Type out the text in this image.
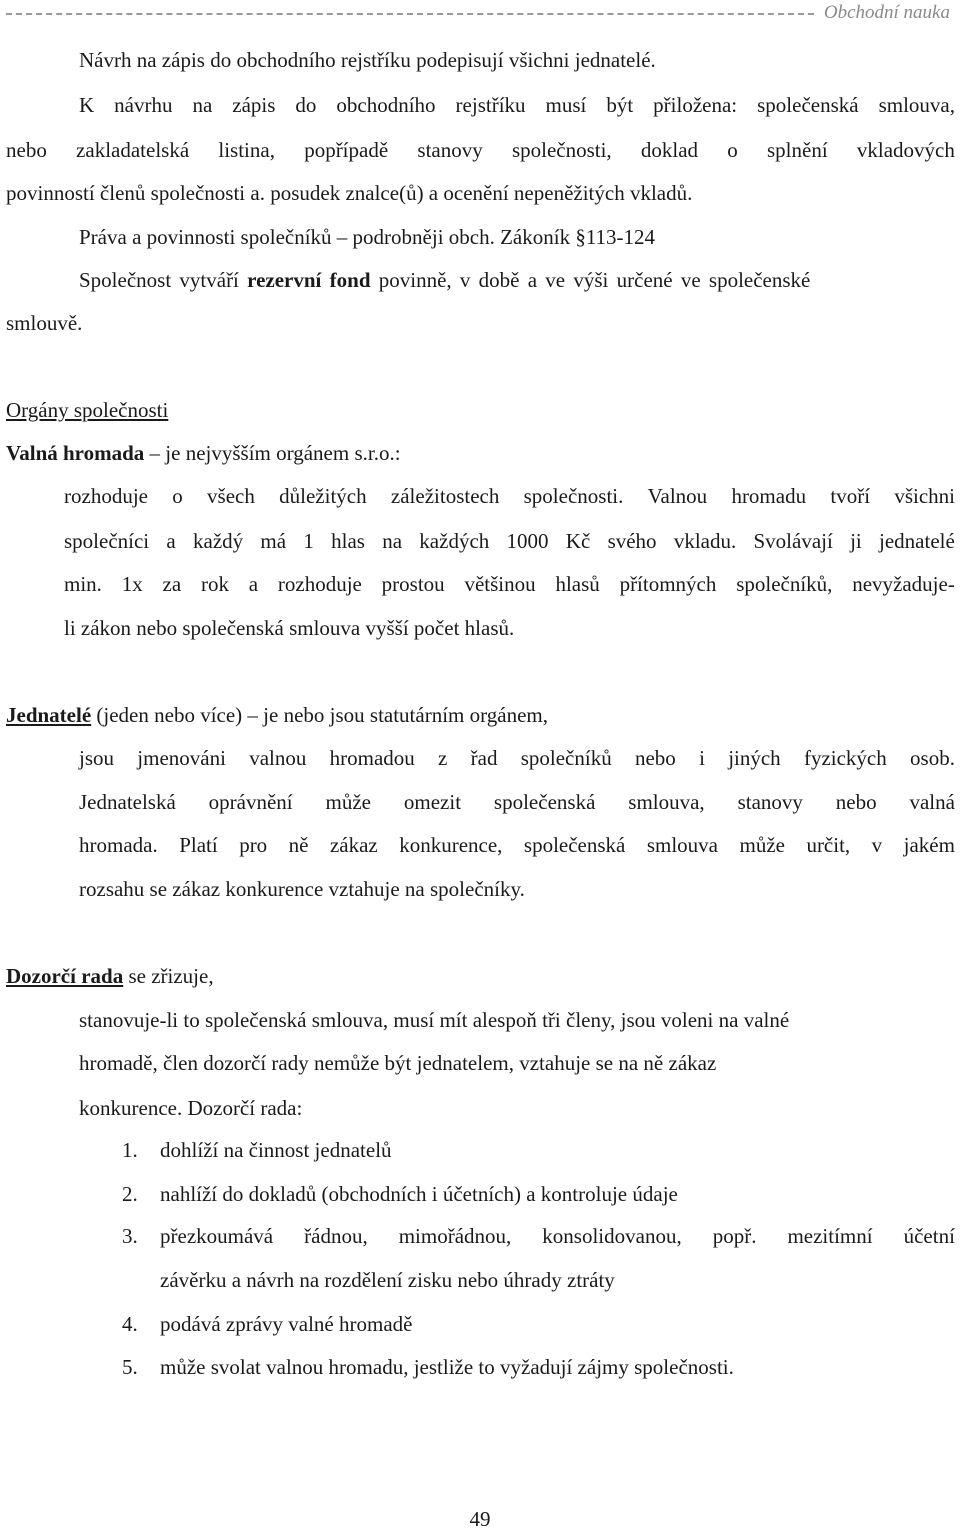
Obchodní nauka
Návrh na zápis do obchodního rejstříku podepisují všichni jednatelé.
K návrhu na zápis do obchodního rejstříku musí být přiložena: společenská smlouva,
nebo zakladatelská listina, popřípadě stanovy společnosti, doklad o splnění vkladových
povinností členů společnosti a. posudek znalce(ů) a ocenění nepeněžitých vkladů.
Práva a povinnosti společníků – podrobněji obch. Zákoník §113-124
Společnost vytváří rezervní fond povinně, v době a ve výši určené ve společenské
smlouvě.
Orgány společnosti
Valná hromada – je nejvyšším orgánem s.r.o.:
rozhoduje o všech důležitých záležitostech společnosti. Valnou hromadu tvoří všichni
společníci a každý má 1 hlas na každých 1000 Kč svého vkladu. Svolávají ji jednatelé
min. 1x za rok a rozhoduje prostou většinou hlasů přítomných společníků, nevyžaduje-
li zákon nebo společenská smlouva vyšší počet hlasů.
Jednatelé (jeden nebo více) – je nebo jsou statutárním orgánem,
jsou jmenováni valnou hromadou z řad společníků nebo i jiných fyzických osob.
Jednatelská oprávnění může omezit společenská smlouva, stanovy nebo valná
hromada. Platí pro ně zákaz konkurence, společenská smlouva může určit, v jakém
rozsahu se zákaz konkurence vztahuje na společníky.
Dozorčí rada se zřizuje,
stanovuje-li to společenská smlouva, musí mít alespoň tři členy, jsou voleni na valné
hromadě, člen dozorčí rady nemůže být jednatelem, vztahuje se na ně zákaz
konkurence. Dozorčí rada:
1. dohlíží na činnost jednatelů
2. nahlíží do dokladů (obchodních i účetních) a kontroluje údaje
3.	přezkoumává řádnou, mimořádnou, konsolidovanou, popř. mezitímní účetní
závěrku a návrh na rozdělení zisku nebo úhrady ztráty
4. podává zprávy valné hromadě
5. může svolat valnou hromadu, jestliže to vyžadují zájmy společnosti.
49
